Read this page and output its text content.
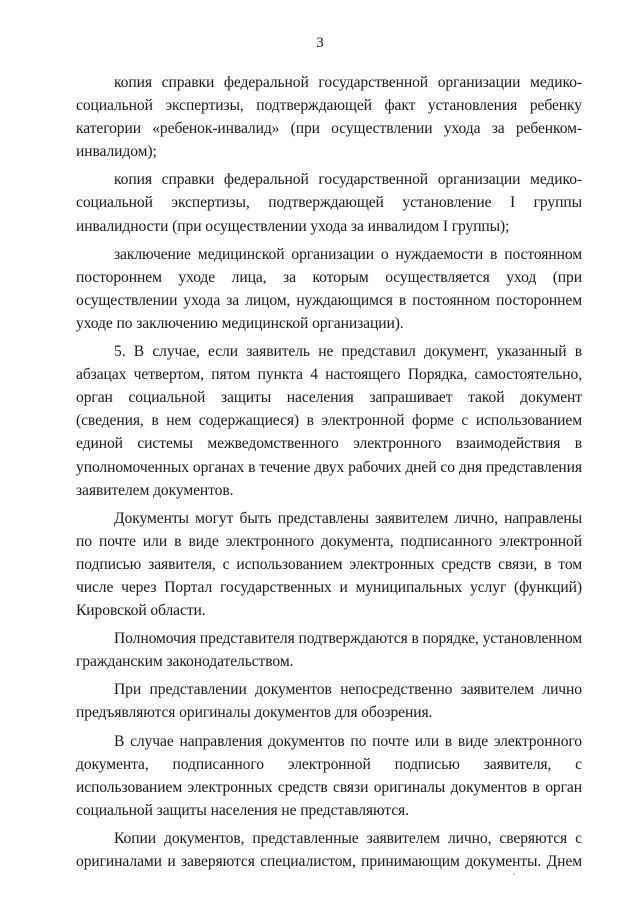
3

копия справки федеральной государственной организации медико-социальной экспертизы, подтверждающей факт установления ребенку категории «ребенок-инвалид» (при осуществлении ухода за ребенком-инвалидом);

копия справки федеральной государственной организации медико-социальной экспертизы, подтверждающей установление I группы инвалидности (при осуществлении ухода за инвалидом I группы);

заключение медицинской организации о нуждаемости в постоянном постороннем уходе лица, за которым осуществляется уход (при осуществлении ухода за лицом, нуждающимся в постоянном постороннем уходе по заключению медицинской организации).

5. В случае, если заявитель не представил документ, указанный в абзацах четвертом, пятом пункта 4 настоящего Порядка, самостоятельно, орган социальной защиты населения запрашивает такой документ (сведения, в нем содержащиеся) в электронной форме с использованием единой системы межведомственного электронного взаимодействия в уполномоченных органах в течение двух рабочих дней со дня представления заявителем документов.

Документы могут быть представлены заявителем лично, направлены по почте или в виде электронного документа, подписанного электронной подписью заявителя, с использованием электронных средств связи, в том числе через Портал государственных и муниципальных услуг (функций) Кировской области.

Полномочия представителя подтверждаются в порядке, установленном гражданским законодательством.

При представлении документов непосредственно заявителем лично предъявляются оригиналы документов для обозрения.

В случае направления документов по почте или в виде электронного документа, подписанного электронной подписью заявителя, с использованием электронных средств связи оригиналы документов в орган социальной защиты населения не представляются.

Копии документов, представленные заявителем лично, сверяются с оригиналами и заверяются специалистом, принимающим документы. Днем
